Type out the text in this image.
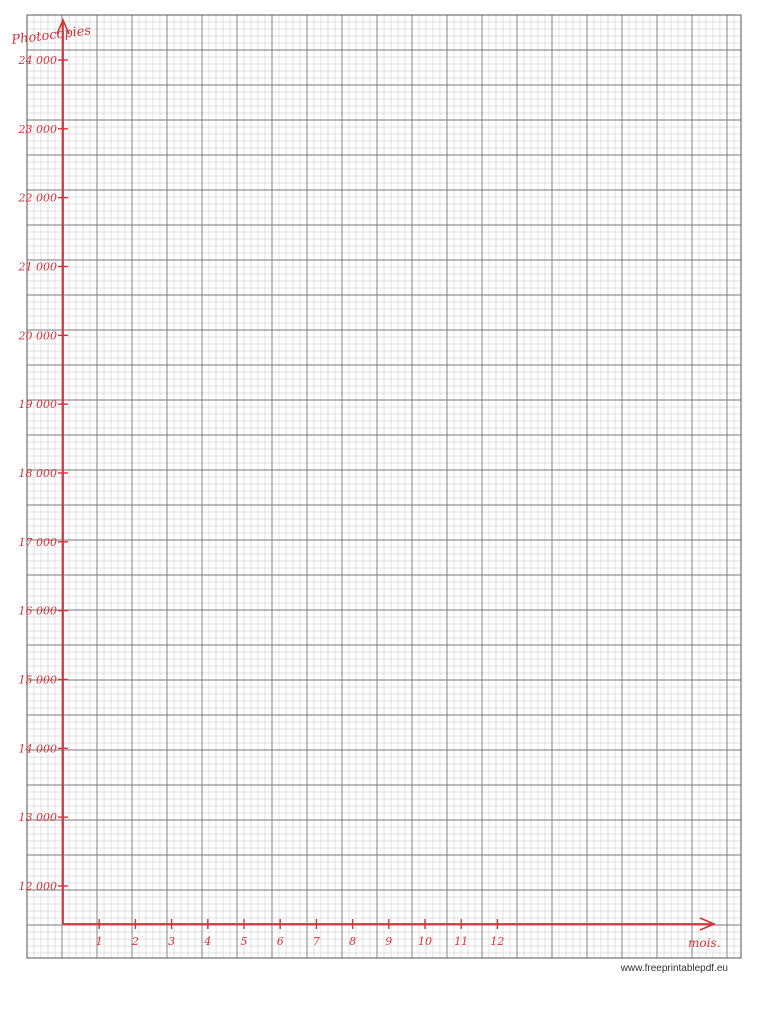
1	2	3	4	5	6	7	8	9 10 11 12
12 000
13 000
14 000
15 000
16 000
17 000
18 000
19 000
20 000
21 000
22 000
23 000
24 000
Photocopies
mois.
www.freeprintablepdf.eu
